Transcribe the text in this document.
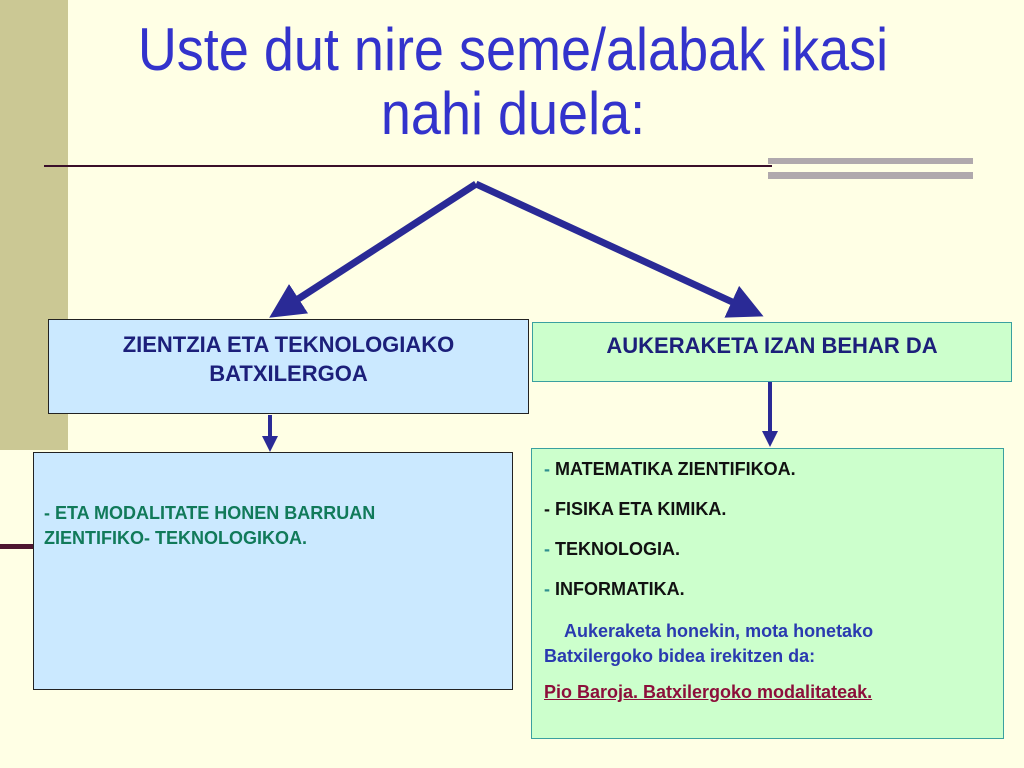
Uste dut nire seme/alabak ikasi
nahi duela:
ZIENTZIA ETA TEKNOLOGIAKO
BATXILERGOA
AUKERAKETA IZAN BEHAR DA
- ETA MODALITATE HONEN BARRUAN
ZIENTIFIKO- TEKNOLOGIKOA.
- MATEMATIKA ZIENTIFIKOA.
- FISIKA ETA KIMIKA.
- TEKNOLOGIA.
- INFORMATIKA.
Aukeraketa honekin, mota honetako
Batxilergoko bidea irekitzen da:
Pio Baroja. Batxilergoko modalitateak.
